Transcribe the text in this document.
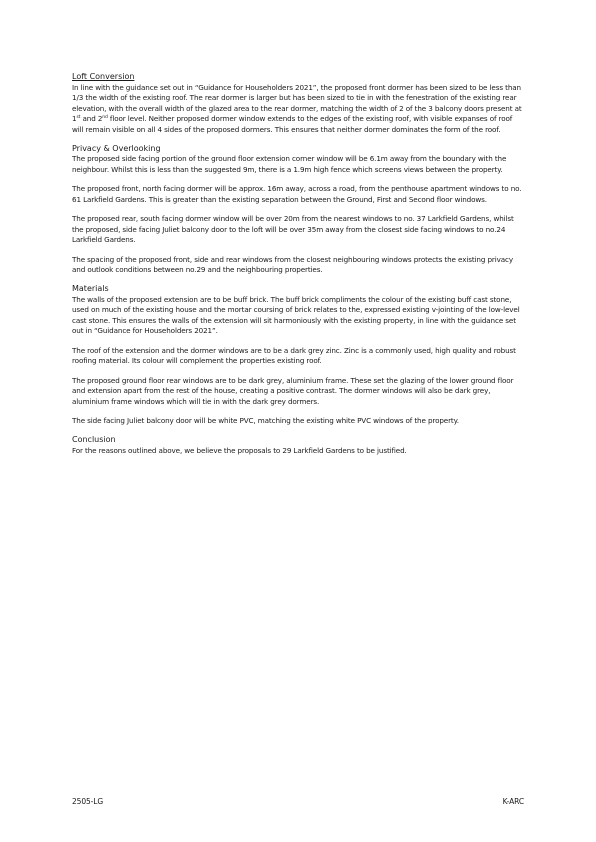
Loft Conversion

In line with the guidance set out in “Guidance for Householders 2021”, the proposed front dormer has been sized to be less than 1/3 the width of the existing roof. The rear dormer is larger but has been sized to tie in with the fenestration of the existing rear elevation, with the overall width of the glazed area to the rear dormer, matching the width of 2 of the 3 balcony doors present at 1st and 2nd floor level. Neither proposed dormer window extends to the edges of the existing roof, with visible expanses of roof will remain visible on all 4 sides of the proposed dormers. This ensures that neither dormer dominates the form of the roof.

Privacy & Overlooking

The proposed side facing portion of the ground floor extension corner window will be 6.1m away from the boundary with the neighbour. Whilst this is less than the suggested 9m, there is a 1.9m high fence which screens views between the property.

The proposed front, north facing dormer will be approx. 16m away, across a road, from the penthouse apartment windows to no. 61 Larkfield Gardens. This is greater than the existing separation between the Ground, First and Second floor windows.

The proposed rear, south facing dormer window will be over 20m from the nearest windows to no. 37 Larkfield Gardens, whilst the proposed, side facing Juliet balcony door to the loft will be over 35m away from the closest side facing windows to no.24 Larkfield Gardens.

The spacing of the proposed front, side and rear windows from the closest neighbouring windows protects the existing privacy and outlook conditions between no.29 and the neighbouring properties.

Materials

The walls of the proposed extension are to be buff brick. The buff brick compliments the colour of the existing buff cast stone, used on much of the existing house and the mortar coursing of brick relates to the, expressed existing v-jointing of the low-level cast stone. This ensures the walls of the extension will sit harmoniously with the existing property, in line with the guidance set out in “Guidance for Householders 2021”.

The roof of the extension and the dormer windows are to be a dark grey zinc. Zinc is a commonly used, high quality and robust roofing material. Its colour will complement the properties existing roof.

The proposed ground floor rear windows are to be dark grey, aluminium frame. These set the glazing of the lower ground floor and extension apart from the rest of the house, creating a positive contrast. The dormer windows will also be dark grey, aluminium frame windows which will tie in with the dark grey dormers.

The side facing Juliet balcony door will be white PVC, matching the existing white PVC windows of the property.

Conclusion

For the reasons outlined above, we believe the proposals to 29 Larkfield Gardens to be justified.

2505-LG	K-ARC
